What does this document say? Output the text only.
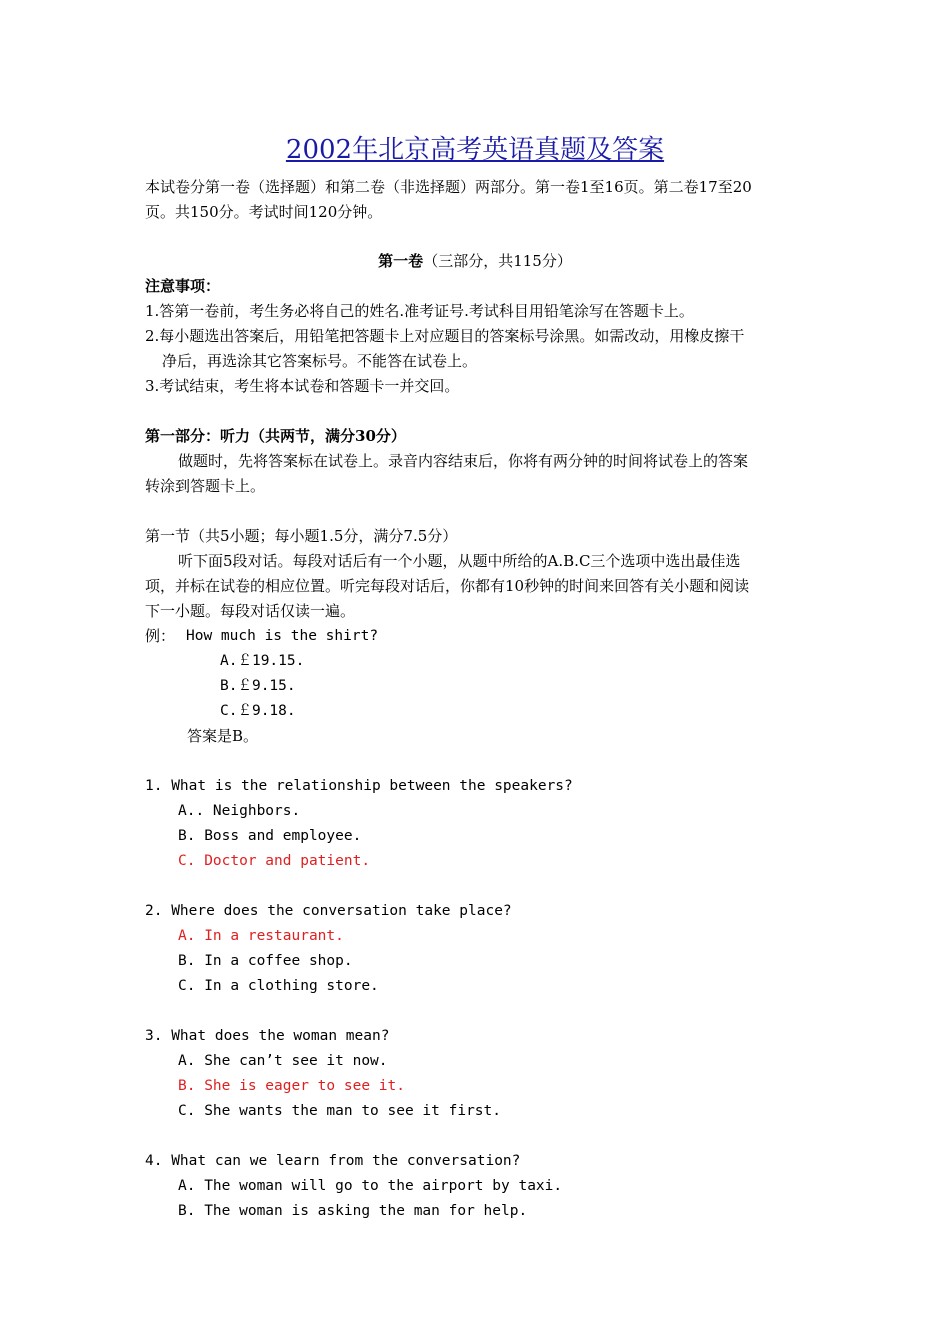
2002年北京高考英语真题及答案
本试卷分第一卷（选择题）和第二卷（非选择题）两部分。第一卷1至16页。第二卷17至20
页。共150分。考试时间120分钟。
第一卷（三部分，共115分）
注意事项：
1.答第一卷前，考生务必将自己的姓名.准考证号.考试科目用铅笔涂写在答题卡上。
2.每小题选出答案后，用铅笔把答题卡上对应题目的答案标号涂黑。如需改动，用橡皮擦干
净后，再选涂其它答案标号。不能答在试卷上。
3.考试结束，考生将本试卷和答题卡一并交回。
第一部分：听力（共两节，满分30分）
做题时，先将答案标在试卷上。录音内容结束后，你将有两分钟的时间将试卷上的答案
转涂到答题卡上。
第一节（共5小题；每小题1.5分，满分7.5分）
听下面5段对话。每段对话后有一个小题，从题中所给的A.B.C三个选项中选出最佳选
项，并标在试卷的相应位置。听完每段对话后，你都有10秒钟的时间来回答有关小题和阅读
下一小题。每段对话仅读一遍。
例： How much is the shirt?
A.￡19.15.
B.￡9.15.
C.￡9.18.
答案是B。
1. What is the relationship between the speakers?
A.. Neighbors.
B. Boss and employee.
C. Doctor and patient.
2. Where does the conversation take place?
A. In a restaurant.
B. In a coffee shop.
C. In a clothing store.
3. What does the woman mean?
A. She can’t see it now.
B. She is eager to see it.
C. She wants the man to see it first.
4. What can we learn from the conversation?
A. The woman will go to the airport by taxi.
B. The woman is asking the man for help.
